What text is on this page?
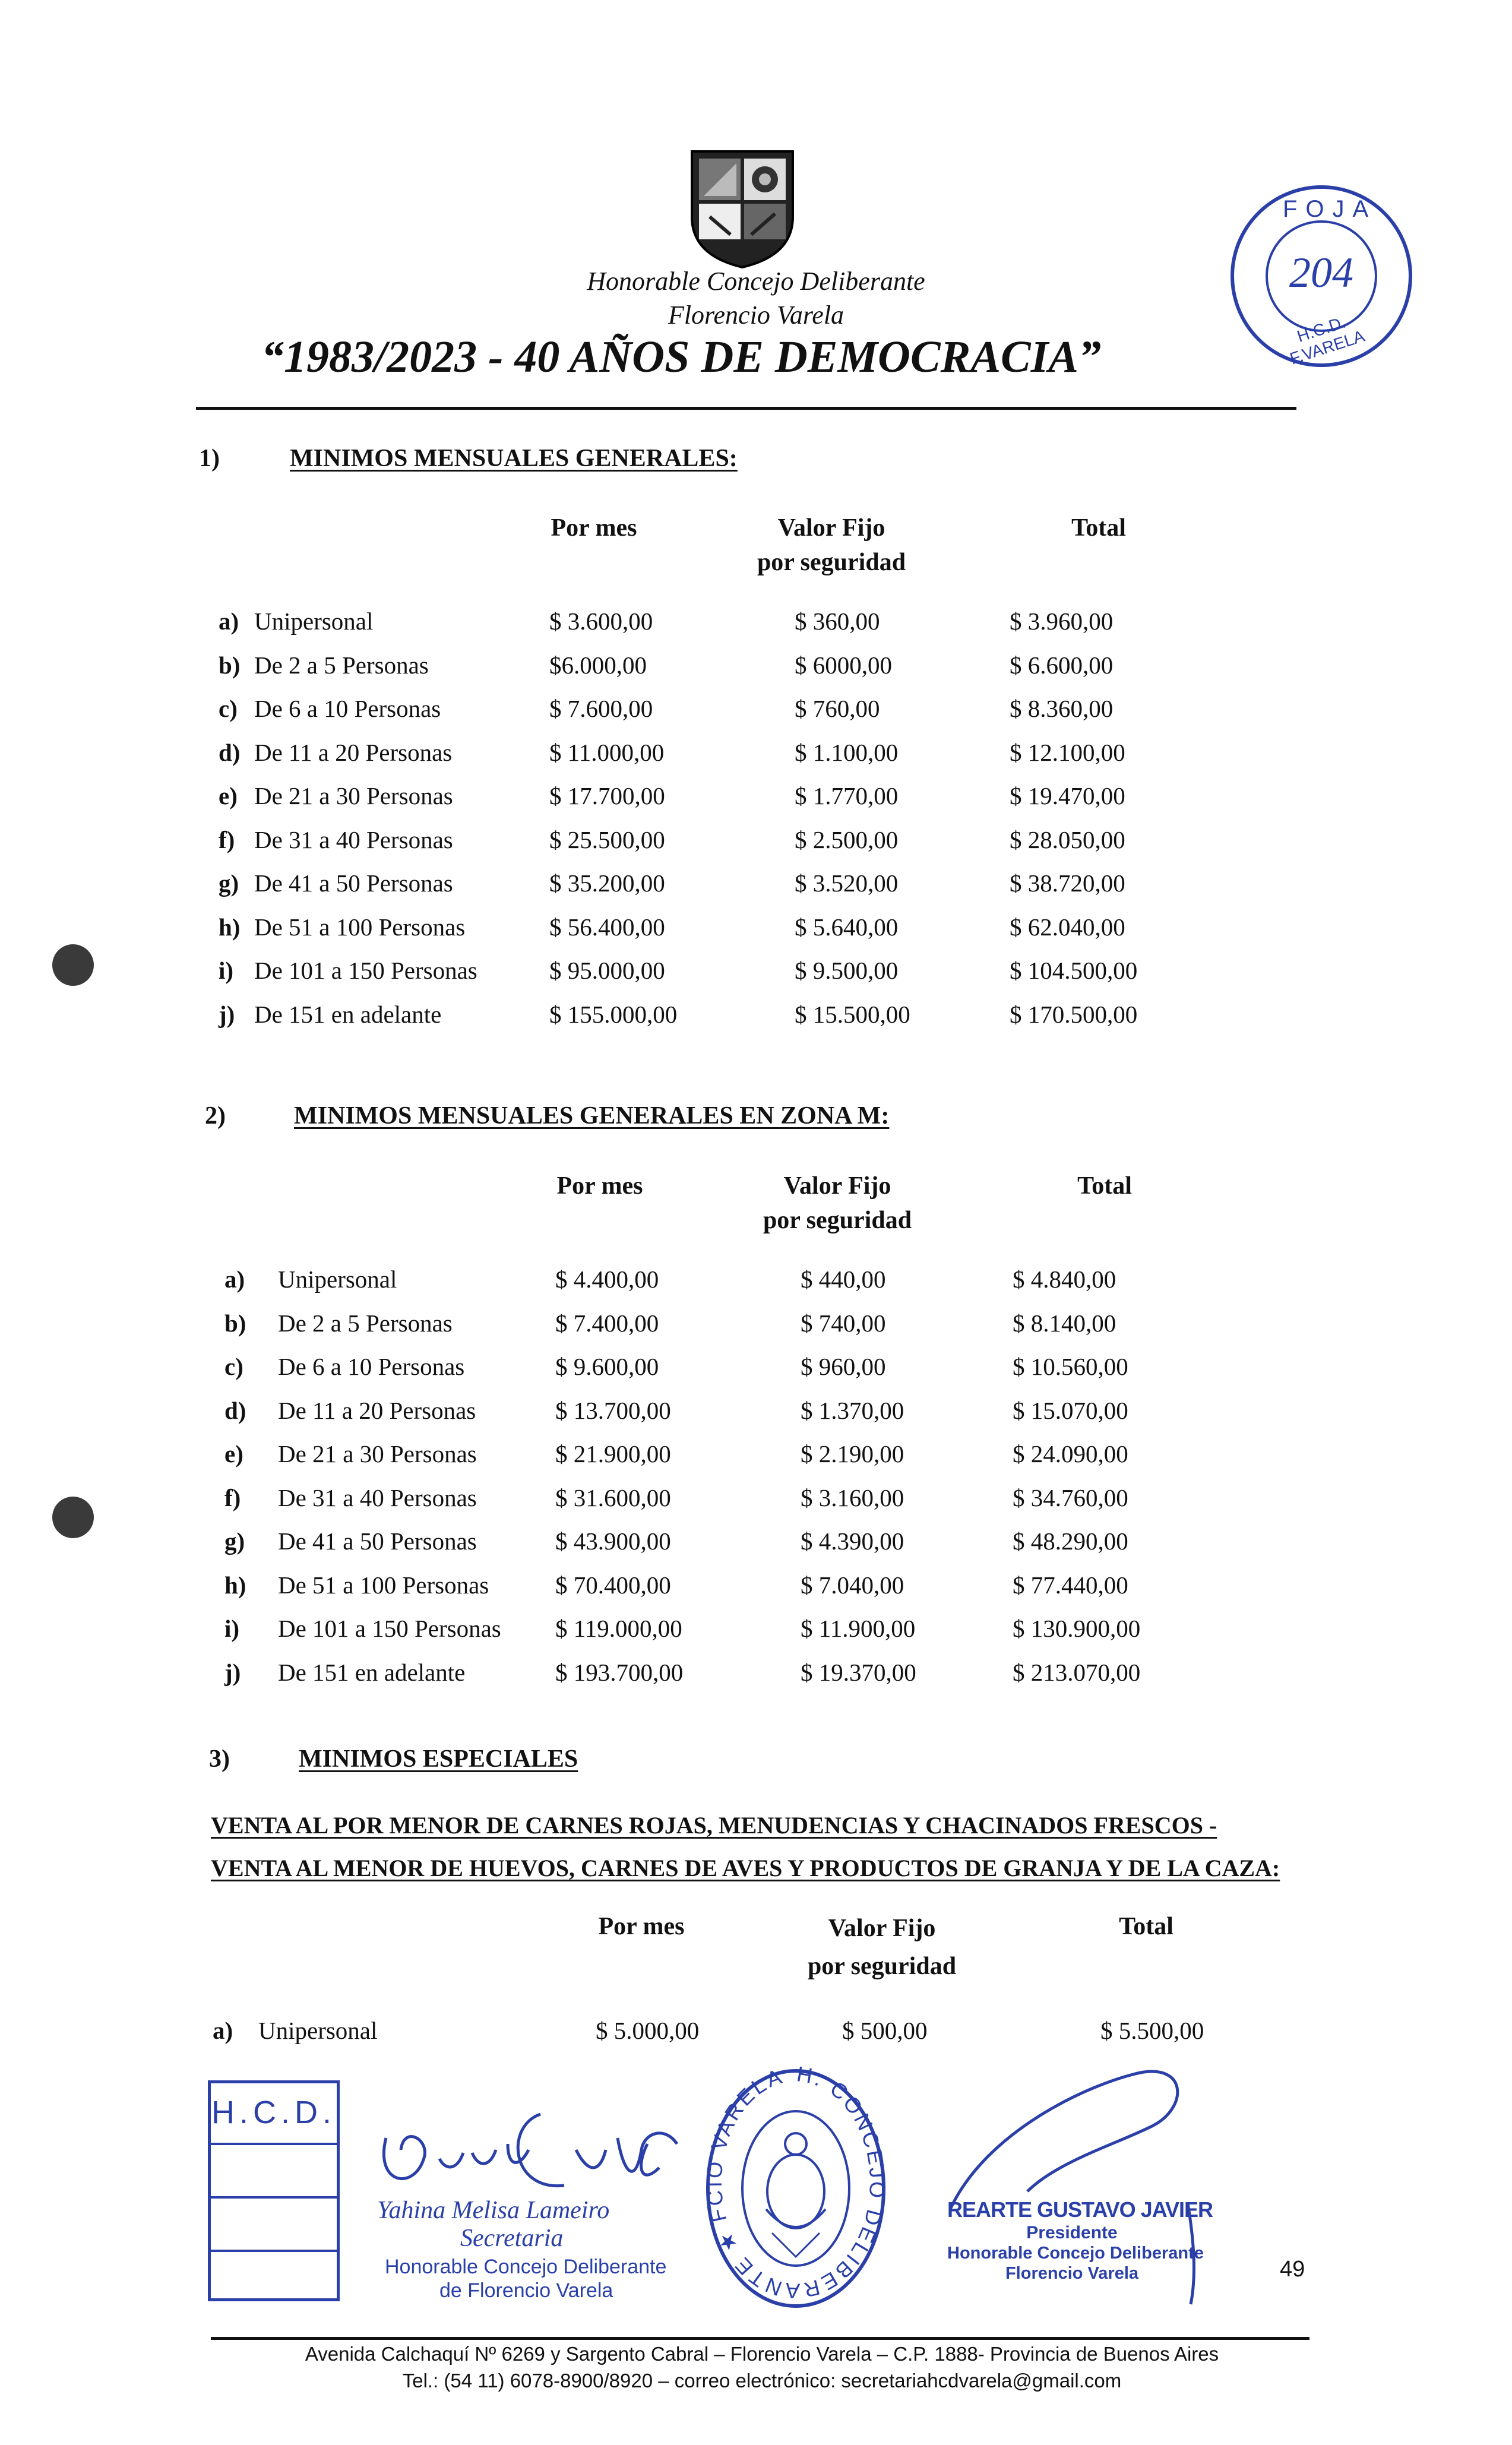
Honorable Concejo Deliberante
Florencio Varela
“1983/2023 - 40 AÑOS DE DEMOCRACIA”
FOJA
204
H.C.D. F.VARELA
1)	MINIMOS MENSUALES GENERALES:
Por mes	Valor Fijo
por seguridad
Total
a) Unipersonal	$ 3.600,00	$ 360,00	$ 3.960,00
b) De 2 a 5 Personas	$6.000,00	$ 6000,00	$ 6.600,00
c) De 6 a 10 Personas	$ 7.600,00	$ 760,00	$ 8.360,00
d) De 11 a 20 Personas	$ 11.000,00	$ 1.100,00	$ 12.100,00
e) De 21 a 30 Personas	$ 17.700,00	$ 1.770,00	$ 19.470,00
f) De 31 a 40 Personas	$ 25.500,00	$ 2.500,00	$ 28.050,00
g) De 41 a 50 Personas	$ 35.200,00	$ 3.520,00	$ 38.720,00
h) De 51 a 100 Personas	$ 56.400,00	$ 5.640,00	$ 62.040,00
i) De 101 a 150 Personas	$ 95.000,00	$ 9.500,00	$ 104.500,00
j) De 151 en adelante	$ 155.000,00	$ 15.500,00	$ 170.500,00
2)	MINIMOS MENSUALES GENERALES EN ZONA M:
Por mes	Valor Fijo
por seguridad
Total
a) Unipersonal	$ 4.400,00	$ 440,00	$ 4.840,00
b) De 2 a 5 Personas	$ 7.400,00	$ 740,00	$ 8.140,00
c) De 6 a 10 Personas	$ 9.600,00	$ 960,00	$ 10.560,00
d) De 11 a 20 Personas	$ 13.700,00	$ 1.370,00	$ 15.070,00
e) De 21 a 30 Personas	$ 21.900,00	$ 2.190,00	$ 24.090,00
f) De 31 a 40 Personas	$ 31.600,00	$ 3.160,00	$ 34.760,00
g) De 41 a 50 Personas	$ 43.900,00	$ 4.390,00	$ 48.290,00
h) De 51 a 100 Personas	$ 70.400,00	$ 7.040,00	$ 77.440,00
i) De 101 a 150 Personas $ 119.000,00	$ 11.900,00	$ 130.900,00
j) De 151 en adelante	$ 193.700,00	$ 19.370,00	$ 213.070,00
3)	MINIMOS ESPECIALES
VENTA AL POR MENOR DE CARNES ROJAS, MENUDENCIAS Y CHACINADOS FRESCOS -
VENTA AL MENOR DE HUEVOS, CARNES DE AVES Y PRODUCTOS DE GRANJA Y DE LA CAZA:
Por mes	Valor Fijo
por seguridad
Total
a) Unipersonal	$ 5.000,00	$ 500,00	$ 5.500,00
H.C.D.
Yahina Melisa Lameiro
Secretaria
Honorable Concejo Deliberante
de Florencio Varela
H. CONCEJO DELIBERANTE ★ FCIO VARELA
REARTE GUSTAVO JAVIER
Presidente
Honorable Concejo Deliberante
Florencio Varela	49
Avenida Calchaquí Nº 6269 y Sargento Cabral – Florencio Varela – C.P. 1888- Provincia de Buenos Aires
Tel.: (54 11) 6078-8900/8920 – correo electrónico: secretariahcdvarela@gmail.com
